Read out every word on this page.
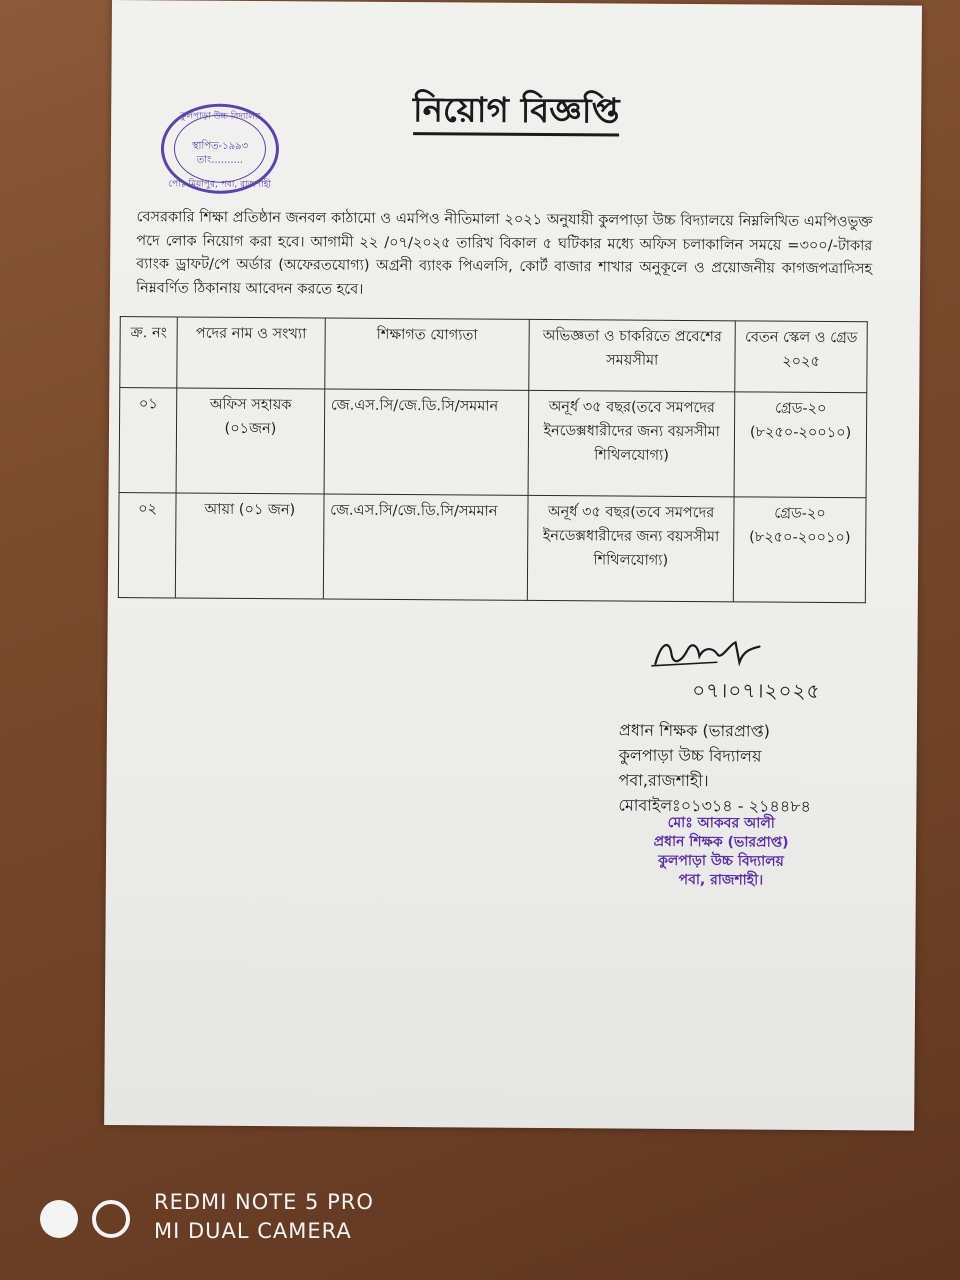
কুলপাড়া উচ্চ বিদ্যালয়
স্থাপিত-১৯৯৩
তাং..........
পোঃ মিয়াপুর, পবা, রাজশাহী
নিয়োগ বিজ্ঞপ্তি
বেসরকারি শিক্ষা প্রতিষ্ঠান জনবল কাঠামো ও এমপিও নীতিমালা ২০২১ অনুযায়ী কুলপাড়া উচ্চ বিদ্যালয়ে নিম্নলিখিত এমপিওভুক্ত পদে লোক নিয়োগ করা হবে। আগামী ২২ /০৭/২০২৫ তারিখ বিকাল ৫ ঘটিকার মধ্যে অফিস চলাকালিন সময়ে =৩০০/-টাকার ব্যাংক ড্রাফট/পে অর্ডার (অফেরতযোগ্য) অগ্রনী ব্যাংক পিএলসি, কোর্ট বাজার শাখার অনুকূলে ও প্রয়োজনীয় কাগজপত্রাদিসহ নিম্নবর্ণিত ঠিকানায় আবেদন করতে হবে।
ক্র. নং	পদের নাম ও সংখ্যা	শিক্ষাগত যোগ্যতা	অভিজ্ঞতা ও চাকরিতে প্রবেশের সময়সীমা	বেতন স্কেল ও গ্রেড ২০২৫
০১	অফিস সহায়ক (০১জন)	জে.এস.সি/জে.ডি.সি/সমমান	অনূর্ধ ৩৫ বছর(তবে সমপদের ইনডেক্সধারীদের জন্য বয়সসীমা শিথিলযোগ্য)	গ্রেড-২০ (৮২৫০-২০০১০)
০২	আয়া (০১ জন)	জে.এস.সি/জে.ডি.সি/সমমান	অনূর্ধ ৩৫ বছর(তবে সমপদের ইনডেক্সধারীদের জন্য বয়সসীমা শিথিলযোগ্য)	গ্রেড-২০ (৮২৫০-২০০১০)
০৭।০৭।২০২৫
প্রধান শিক্ষক (ভারপ্রাপ্ত)
কুলপাড়া উচ্চ বিদ্যালয়
পবা,রাজশাহী।
মোবাইলঃ০১৩১৪ - ২১৪৪৮৪
মোঃ আকবর আলী
প্রধান শিক্ষক (ভারপ্রাপ্ত)
কুলপাড়া উচ্চ বিদ্যালয়
পবা, রাজশাহী।
REDMI NOTE 5 PRO
MI DUAL CAMERA
